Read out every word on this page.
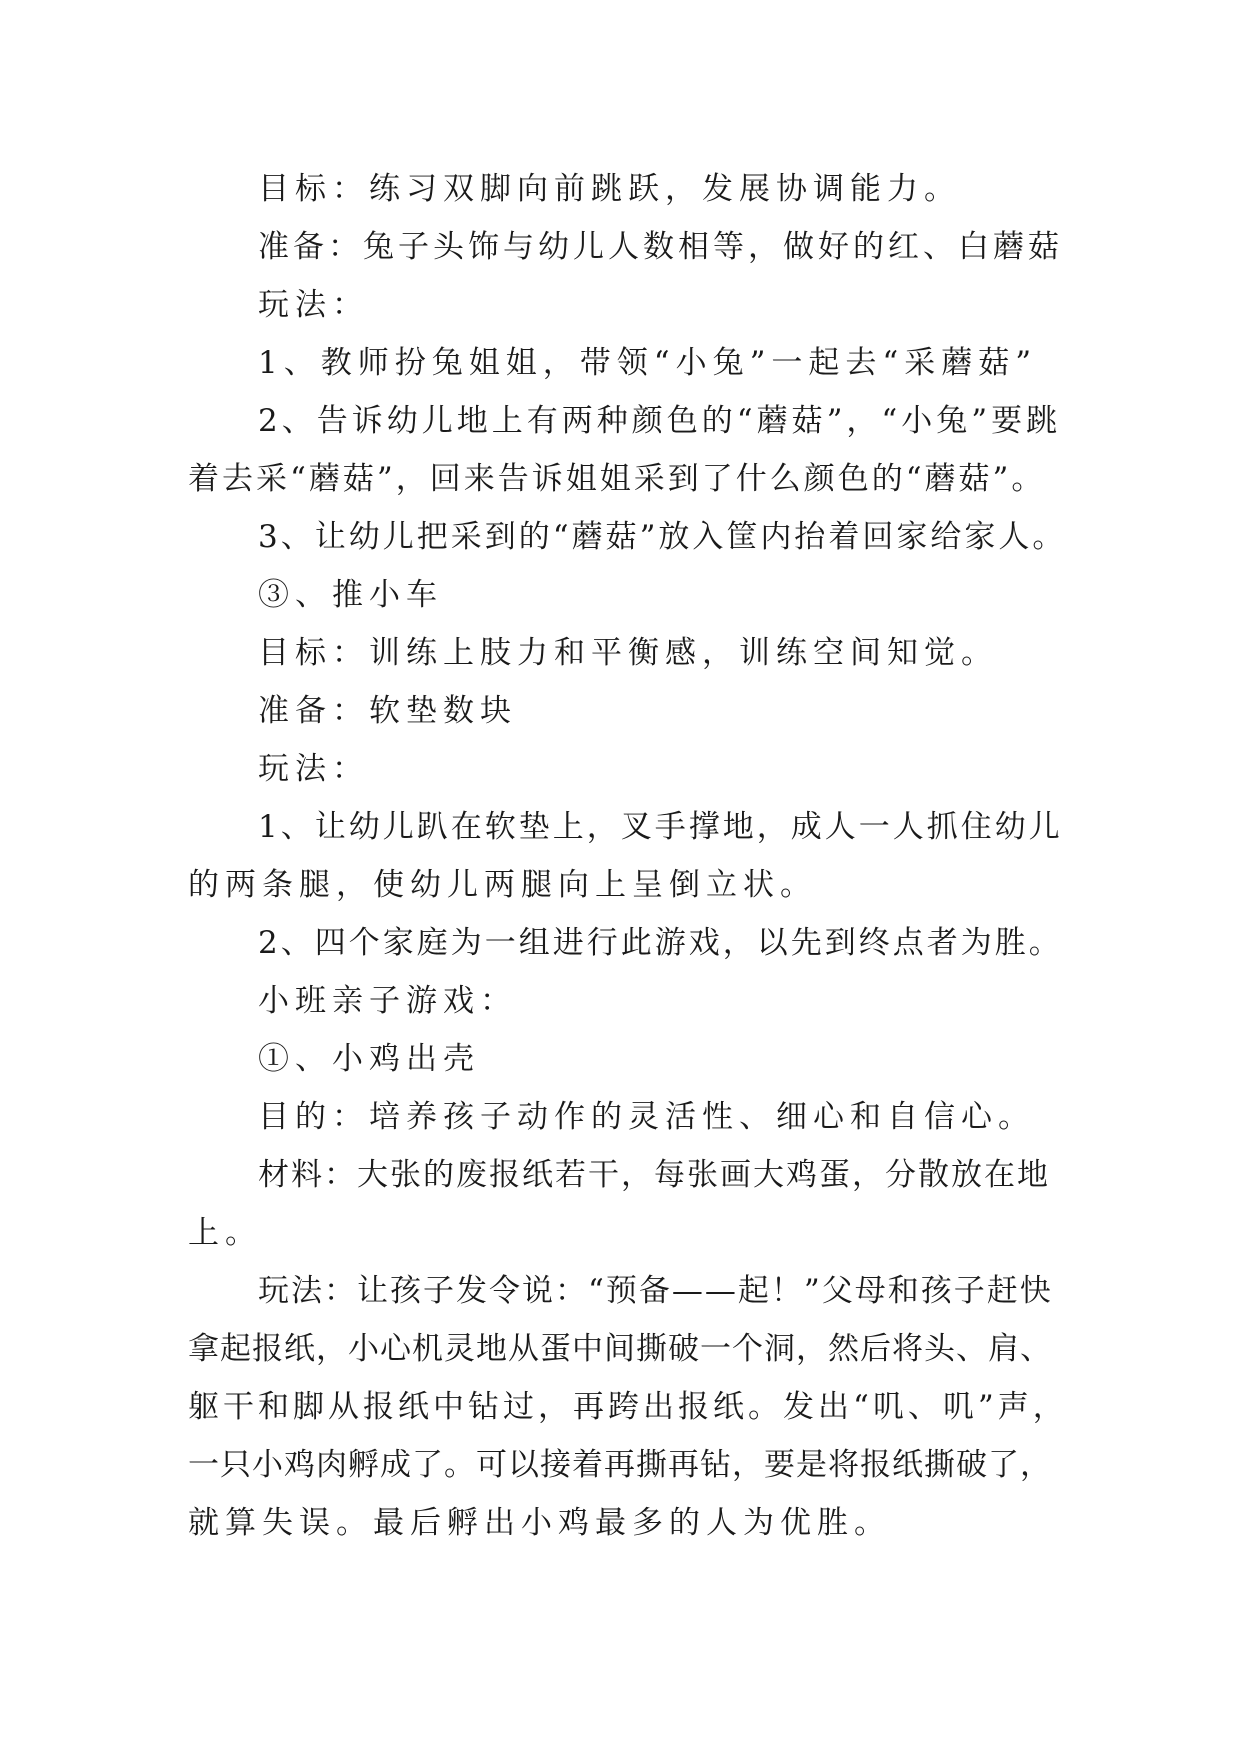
目标：练习双脚向前跳跃，发展协调能力。
准备：兔子头饰与幼儿人数相等，做好的红、白蘑菇
玩法：
1、教师扮兔姐姐，带领“小兔”一起去“采蘑菇”
2、告诉幼儿地上有两种颜色的“蘑菇”，“小兔”要跳
着去采“蘑菇”，回来告诉姐姐采到了什么颜色的“蘑菇”。
3、让幼儿把采到的“蘑菇”放入筐内抬着回家给家人。
③、推小车
目标：训练上肢力和平衡感，训练空间知觉。
准备：软垫数块
玩法：
1、让幼儿趴在软垫上，叉手撑地，成人一人抓住幼儿
的两条腿，使幼儿两腿向上呈倒立状。
2、四个家庭为一组进行此游戏，以先到终点者为胜。
小班亲子游戏：
①、小鸡出壳
目的：培养孩子动作的灵活性、细心和自信心。
材料：大张的废报纸若干，每张画大鸡蛋，分散放在地
上。
玩法：让孩子发令说：“预备——起！”父母和孩子赶快
拿起报纸，小心机灵地从蛋中间撕破一个洞，然后将头、肩、
躯干和脚从报纸中钻过，再跨出报纸。发出“叽、叽”声，
一只小鸡肉孵成了。可以接着再撕再钻，要是将报纸撕破了，
就算失误。最后孵出小鸡最多的人为优胜。
